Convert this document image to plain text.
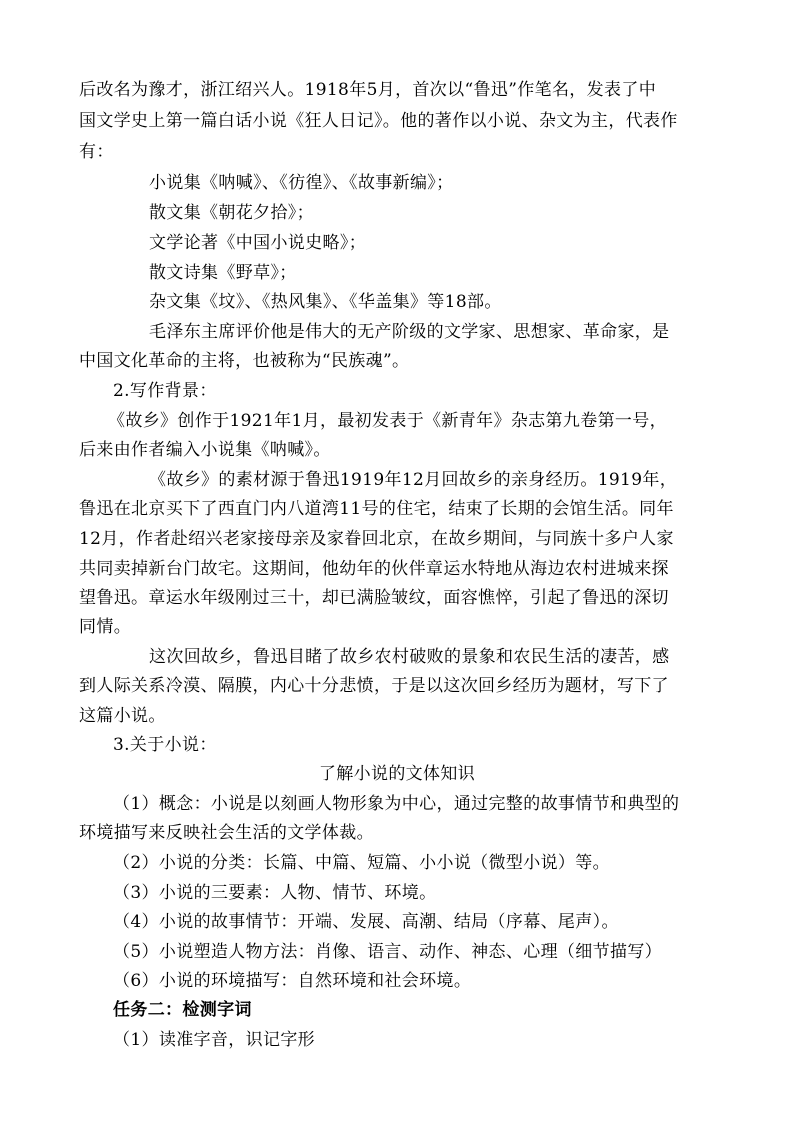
后改名为豫才，浙江绍兴人。1918年5月，首次以“鲁迅”作笔名，发表了中
国文学史上第一篇白话小说《狂人日记》。他的著作以小说、杂文为主，代表作
有：
小说集《呐喊》、《彷徨》、《故事新编》；
散文集《朝花夕拾》；
文学论著《中国小说史略》；
散文诗集《野草》；
杂文集《坟》、《热风集》、《华盖集》等18部。
毛泽东主席评价他是伟大的无产阶级的文学家、思想家、革命家，是
中国文化革命的主将，也被称为“民族魂”。
2.写作背景：
《故乡》创作于1921年1月，最初发表于《新青年》杂志第九卷第一号，
后来由作者编入小说集《呐喊》。
《故乡》的素材源于鲁迅1919年12月回故乡的亲身经历。1919年，
鲁迅在北京买下了西直门内八道湾11号的住宅，结束了长期的会馆生活。同年
12月，作者赴绍兴老家接母亲及家眷回北京，在故乡期间，与同族十多户人家
共同卖掉新台门故宅。这期间，他幼年的伙伴章运水特地从海边农村进城来探
望鲁迅。章运水年级刚过三十，却已满脸皱纹，面容憔悴，引起了鲁迅的深切
同情。
这次回故乡，鲁迅目睹了故乡农村破败的景象和农民生活的凄苦，感
到人际关系冷漠、隔膜，内心十分悲愤，于是以这次回乡经历为题材，写下了
这篇小说。
3.关于小说：
了解小说的文体知识
（1）概念：小说是以刻画人物形象为中心，通过完整的故事情节和典型的
环境描写来反映社会生活的文学体裁。
（2）小说的分类：长篇、中篇、短篇、小小说（微型小说）等。
（3）小说的三要素：人物、情节、环境。
（4）小说的故事情节：开端、发展、高潮、结局（序幕、尾声）。
（5）小说塑造人物方法：肖像、语言、动作、神态、心理（细节描写）
（6）小说的环境描写：自然环境和社会环境。
任务二：检测字词
（1）读准字音，识记字形
